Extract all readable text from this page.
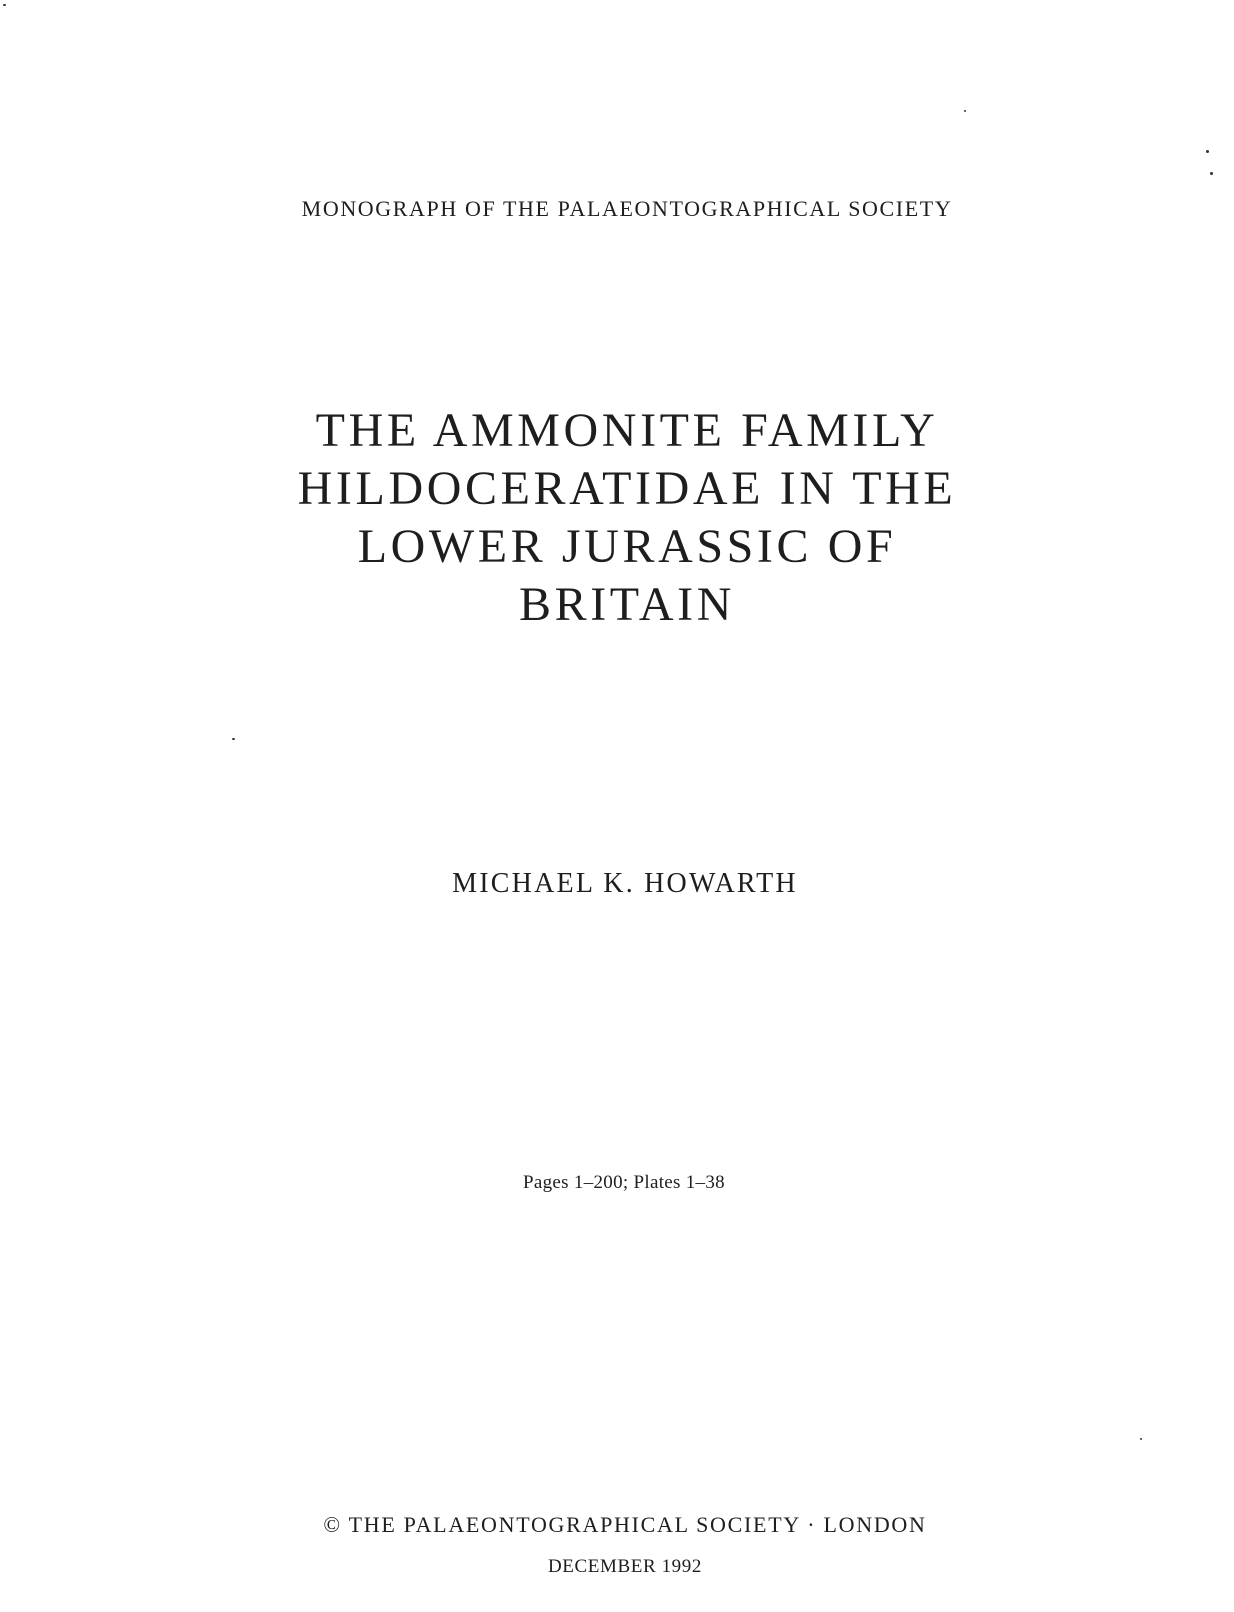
MONOGRAPH OF THE PALAEONTOGRAPHICAL SOCIETY
THE AMMONITE FAMILY
HILDOCERATIDAE IN THE
LOWER JURASSIC OF
BRITAIN
MICHAEL K. HOWARTH
Pages 1–200; Plates 1–38
© THE PALAEONTOGRAPHICAL SOCIETY · LONDON
DECEMBER 1992
